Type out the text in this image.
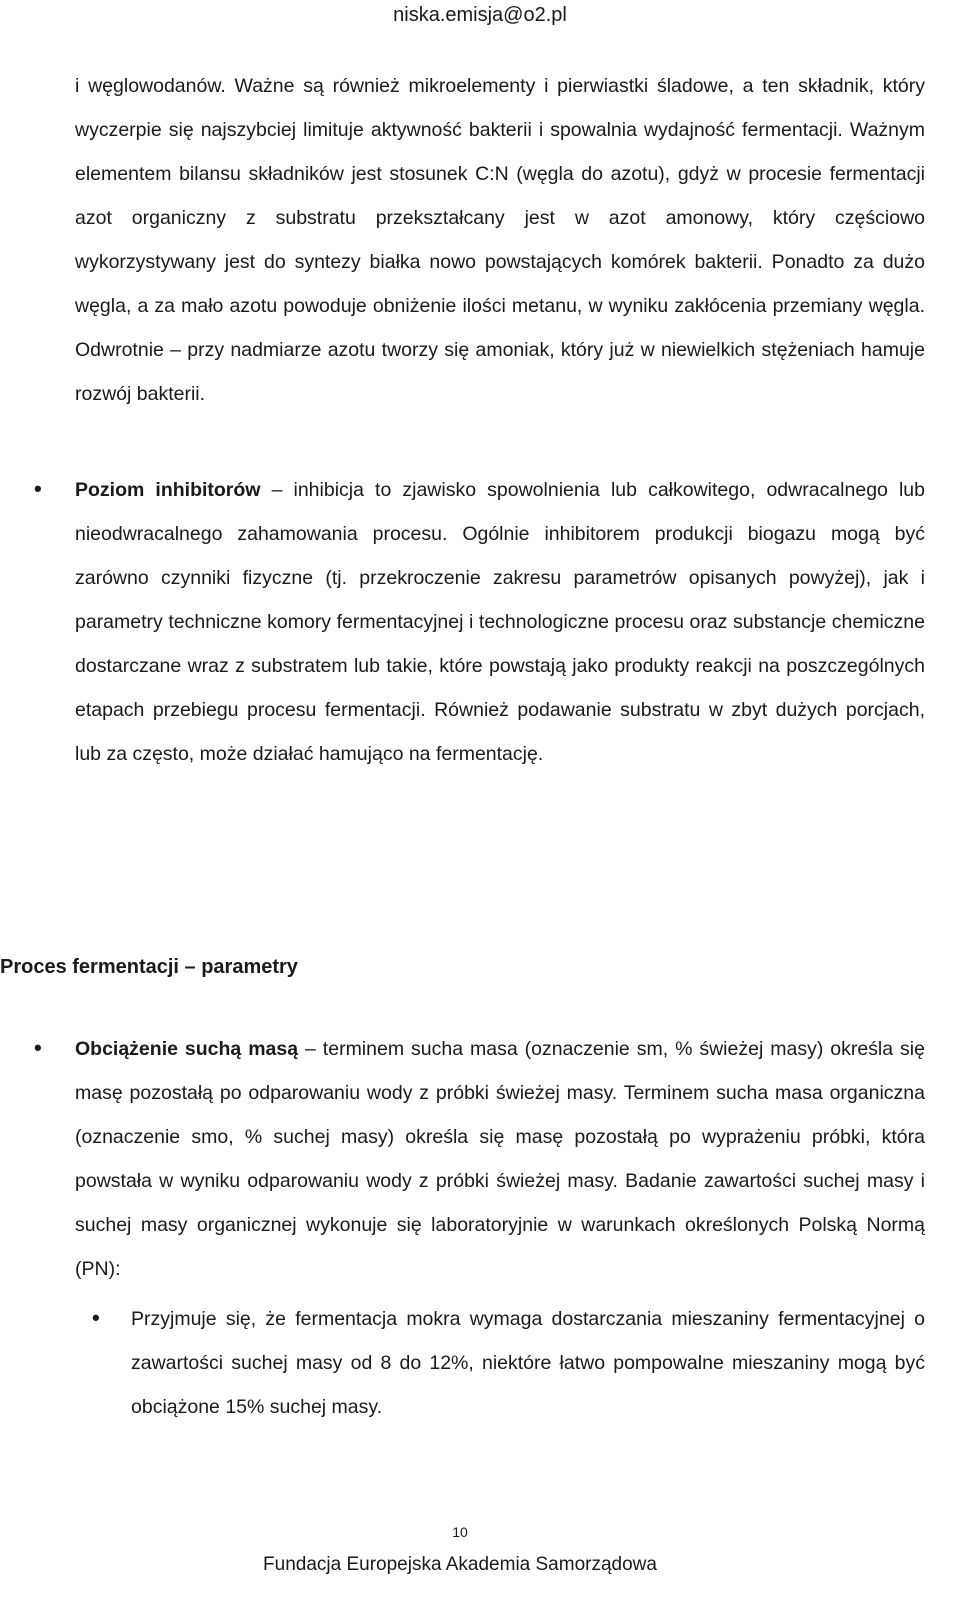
niska.emisja@o2.pl
i węglowodanów. Ważne są również mikroelementy i pierwiastki śladowe, a ten składnik, który wyczerpie się najszybciej limituje aktywność bakterii i spowalnia wydajność fermentacji. Ważnym elementem bilansu składników jest stosunek C:N (węgla do azotu), gdyż w procesie fermentacji azot organiczny z substratu przekształcany jest w azot amonowy, który częściowo wykorzystywany jest do syntezy białka nowo powstających komórek bakterii. Ponadto za dużo węgla, a za mało azotu powoduje obniżenie ilości metanu, w wyniku zakłócenia przemiany węgla. Odwrotnie – przy nadmiarze azotu tworzy się amoniak, który już w niewielkich stężeniach hamuje rozwój bakterii.
• Poziom inhibitorów – inhibicja to zjawisko spowolnienia lub całkowitego, odwracalnego lub nieodwracalnego zahamowania procesu. Ogólnie inhibitorem produkcji biogazu mogą być zarówno czynniki fizyczne (tj. przekroczenie zakresu parametrów opisanych powyżej), jak i parametry techniczne komory fermentacyjnej i technologiczne procesu oraz substancje chemiczne dostarczane wraz z substratem lub takie, które powstają jako produkty reakcji na poszczególnych etapach przebiegu procesu fermentacji. Również podawanie substratu w zbyt dużych porcjach, lub za często, może działać hamująco na fermentację.
Proces fermentacji – parametry
• Obciążenie suchą masą – terminem sucha masa (oznaczenie sm, % świeżej masy) określa się masę pozostałą po odparowaniu wody z próbki świeżej masy. Terminem sucha masa organiczna (oznaczenie smo, % suchej masy) określa się masę pozostałą po wyprażeniu próbki, która powstała w wyniku odparowaniu wody z próbki świeżej masy. Badanie zawartości suchej masy i suchej masy organicznej wykonuje się laboratoryjnie w warunkach określonych Polską Normą (PN):
• Przyjmuje się, że fermentacja mokra wymaga dostarczania mieszaniny fermentacyjnej o zawartości suchej masy od 8 do 12%, niektóre łatwo pompowalne mieszaniny mogą być obciążone 15% suchej masy.
10
Fundacja Europejska Akademia Samorządowa
